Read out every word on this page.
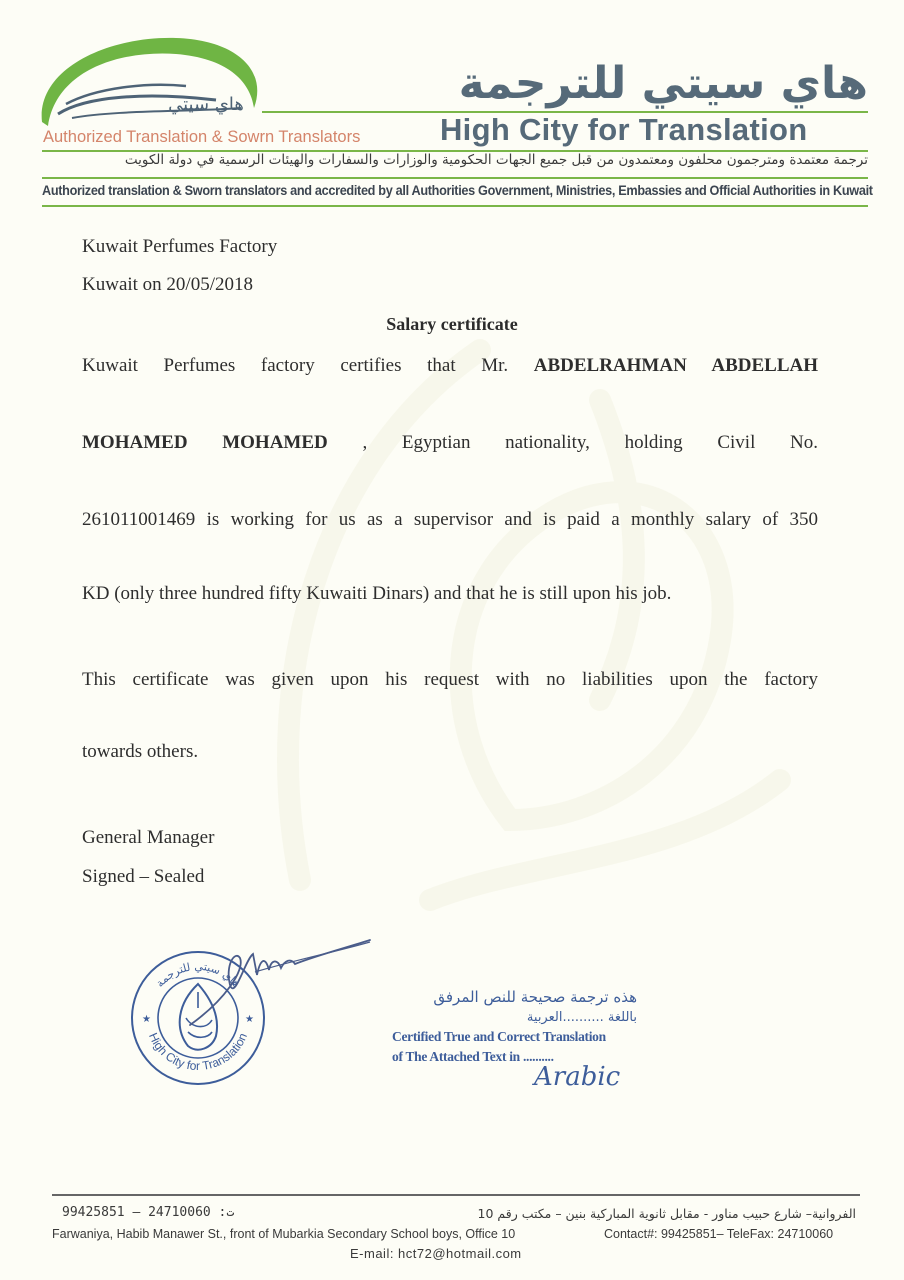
هاي سيتي	هاي سيتي للترجمة
High City for Translation
Authorized Translation & Sowrn Translators
ترجمة معتمدة ومترجمون محلفون ومعتمدون من قبل جميع الجهات الحكومية والوزارات والسفارات والهيئات الرسمية في دولة الكويت
Authorized translation & Sworn translators and accredited by all Authorities Government, Ministries, Embassies and Official Authorities in Kuwait
Kuwait Perfumes Factory
Kuwait on 20/05/2018
Salary certificate
Kuwait Perfumes factory certifies that Mr. ABDELRAHMAN ABDELLAH
MOHAMED MOHAMED , Egyptian nationality, holding Civil No.
261011001469 is working for us as a supervisor and is paid a monthly salary of 350
KD (only three hundred fifty Kuwaiti Dinars) and that he is still upon his job.
This certificate was given upon his request with no liabilities upon the factory
towards others.
General Manager
Signed – Sealed
High City for Translation
هاي سيتي للترجمة
★	★
هذه ترجمة صحيحة للنص المرفق
باللغة ..........العربية
Certified True and Correct Translation
of The Attached Text in ..........
Arabic
ت: 24710060 – 99425851	الفروانية– شارع حبيب مناور - مقابل ثانوية المباركية بنين – مكتب رقم 10
Farwaniya, Habib Manawer St., front of Mubarkia Secondary School boys, Office 10	Contact#: 99425851– TeleFax: 24710060
E-mail: hct72@hotmail.com
